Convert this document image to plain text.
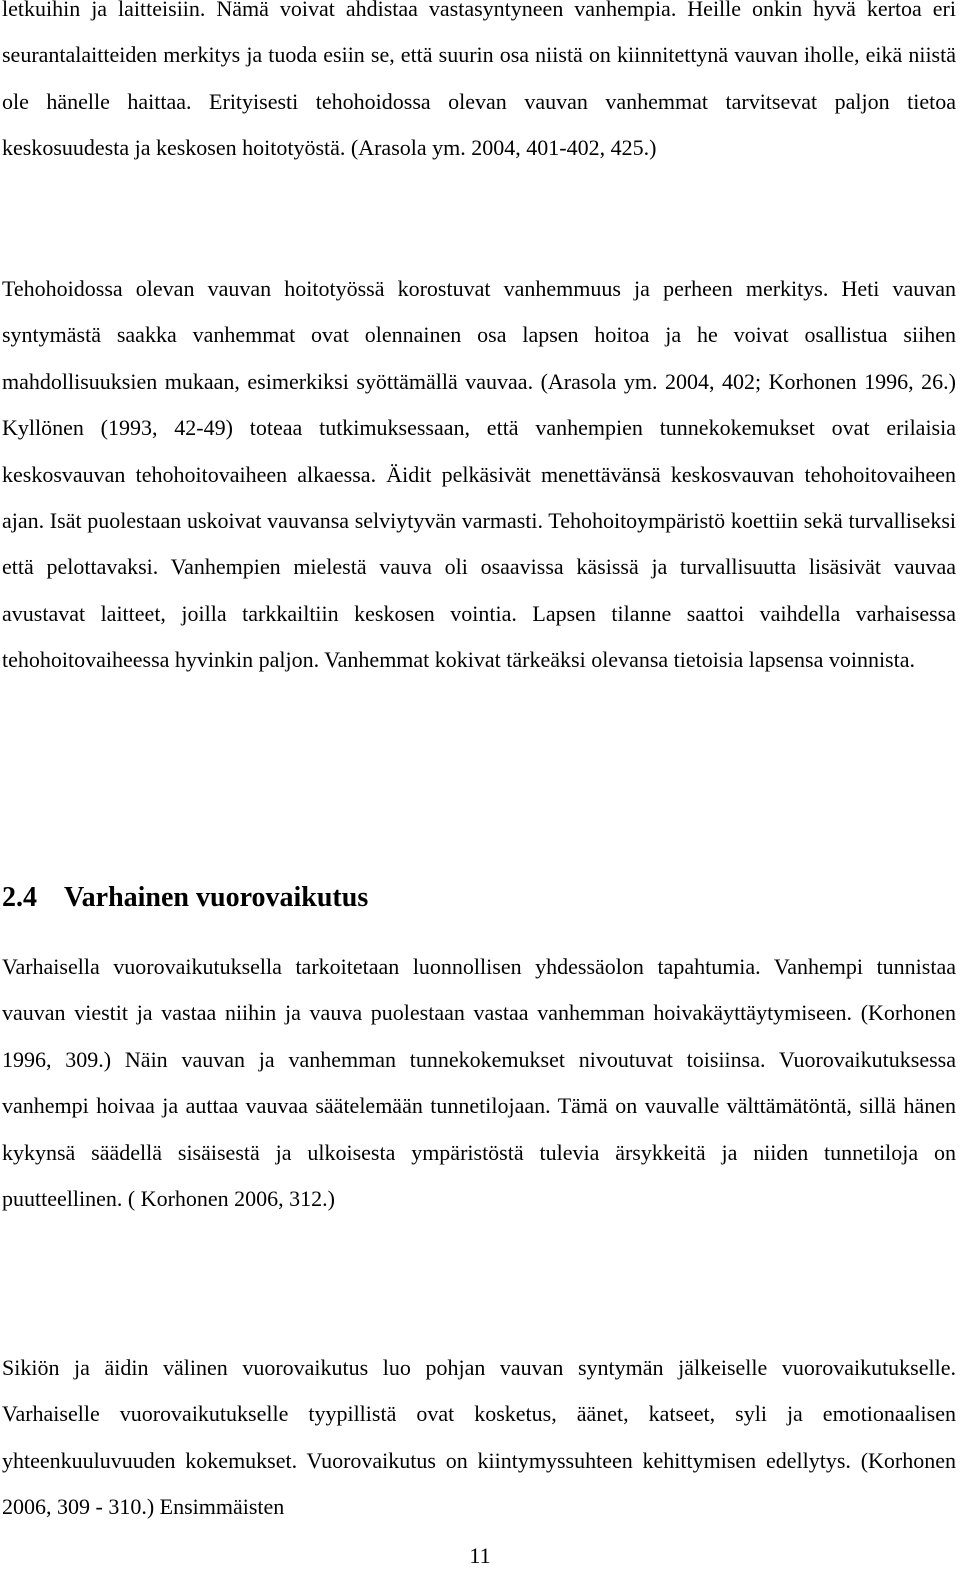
letkuihin ja laitteisiin. Nämä voivat ahdistaa vastasyntyneen vanhempia. Heille onkin hyvä kertoa eri seurantalaitteiden merkitys ja tuoda esiin se, että suurin osa niistä on kiinnitettynä vauvan iholle, eikä niistä ole hänelle haittaa. Erityisesti tehohoidossa olevan vauvan vanhemmat tarvitsevat paljon tietoa keskosuudesta ja keskosen hoitotyöstä. (Arasola ym. 2004, 401-402, 425.)

Tehohoidossa olevan vauvan hoitotyössä korostuvat vanhemmuus ja perheen merkitys. Heti vauvan syntymästä saakka vanhemmat ovat olennainen osa lapsen hoitoa ja he voivat osallistua siihen mahdollisuuksien mukaan, esimerkiksi syöttämällä vauvaa. (Arasola ym. 2004, 402; Korhonen 1996, 26.) Kyllönen (1993, 42-49) toteaa tutkimuksessaan, että vanhempien tunnekokemukset ovat erilaisia keskosvauvan tehohoitovaiheen alkaessa. Äidit pelkäsivät menettävänsä keskosvauvan tehohoitovaiheen ajan. Isät puolestaan uskoivat vauvansa selviytyvän varmasti. Tehohoitoympäristö koettiin sekä turvalliseksi että pelottavaksi. Vanhempien mielestä vauva oli osaavissa käsissä ja turvallisuutta lisäsivät vauvaa avustavat laitteet, joilla tarkkailtiin keskosen vointia. Lapsen tilanne saattoi vaihdella varhaisessa tehohoitovaiheessa hyvinkin paljon. Vanhemmat kokivat tärkeäksi olevansa tietoisia lapsensa voinnista.

2.4 Varhainen vuorovaikutus

Varhaisella vuorovaikutuksella tarkoitetaan luonnollisen yhdessäolon tapahtumia. Vanhempi tunnistaa vauvan viestit ja vastaa niihin ja vauva puolestaan vastaa vanhemman hoivakäyttäytymiseen. (Korhonen 1996, 309.) Näin vauvan ja vanhemman tunnekokemukset nivoutuvat toisiinsa. Vuorovaikutuksessa vanhempi hoivaa ja auttaa vauvaa säätelemään tunnetilojaan. Tämä on vauvalle välttämätöntä, sillä hänen kykynsä säädellä sisäisestä ja ulkoisesta ympäristöstä tulevia ärsykkeitä ja niiden tunnetiloja on puutteellinen. ( Korhonen 2006, 312.)

Sikiön ja äidin välinen vuorovaikutus luo pohjan vauvan syntymän jälkeiselle vuorovaikutukselle. Varhaiselle vuorovaikutukselle tyypillistä ovat kosketus, äänet, katseet, syli ja emotionaalisen yhteenkuuluvuuden kokemukset. Vuorovaikutus on kiintymyssuhteen kehittymisen edellytys. (Korhonen 2006, 309 - 310.) Ensimmäisten

11
